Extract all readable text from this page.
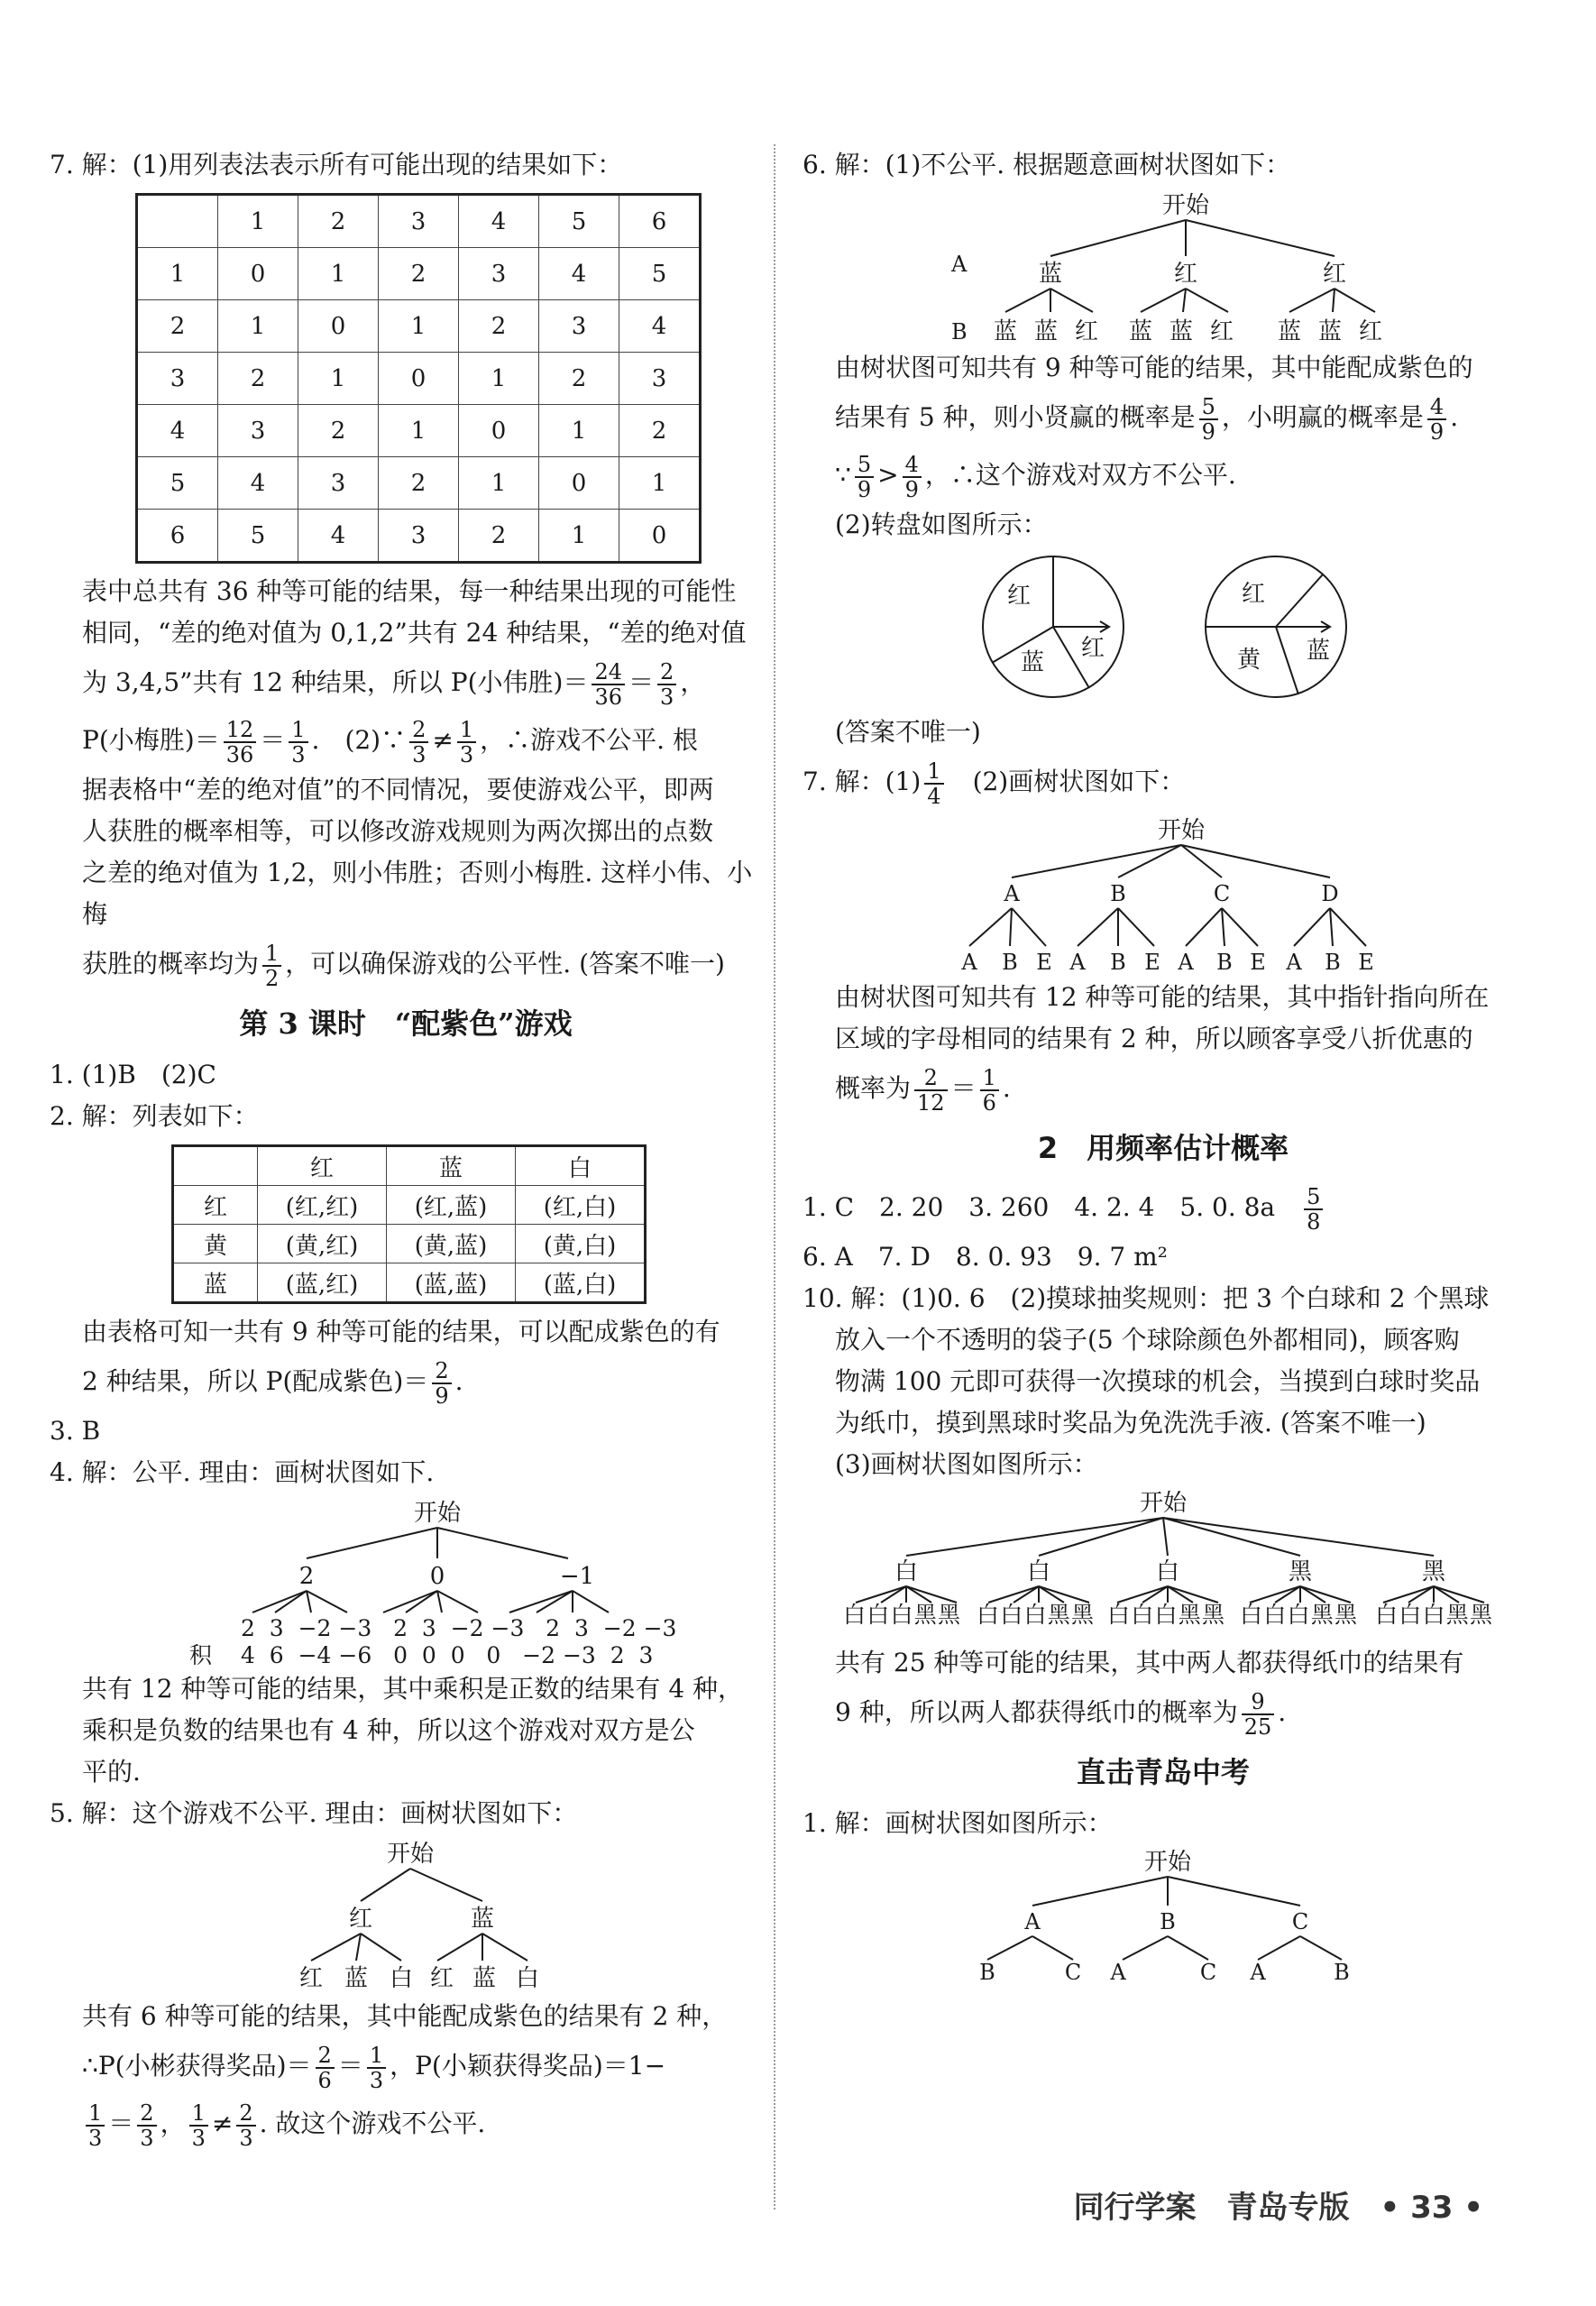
7. 解：(1)用列表法表示所有可能出现的结果如下：

	1	2	3	4	5	6
1	0	1	2	3	4	5
2	1	0	1	2	3	4
3	2	1	0	1	2	3
4	3	2	1	0	1	2
5	4	3	2	1	0	1
6	5	4	3	2	1	0

表中总共有 36 种等可能的结果，每一种结果出现的可能性

相同，“差的绝对值为 0,1,2”共有 24 种结果，“差的绝对值

为 3,4,5”共有 12 种结果，所以 P(小伟胜)＝ $\frac{24}{36} = \frac{2}{3}$ ，

P(小梅胜)＝ $\frac{12}{36} = \frac{1}{3}$ .　(2)∵ $\frac{2}{3} \ne \frac{1}{3}$ ，∴游戏不公平. 根

据表格中“差的绝对值”的不同情况，要使游戏公平，即两

人获胜的概率相等，可以修改游戏规则为两次掷出的点数

之差的绝对值为 1,2，则小伟胜；否则小梅胜. 这样小伟、小梅

获胜的概率均为 $\frac{1}{2}$ ，可以确保游戏的公平性. (答案不唯一)

第 3 课时　“配紫色”游戏

1. (1)B　(2)C

2. 解：列表如下：

	红	蓝	白
红	(红,红)	(红,蓝)	(红,白)
黄	(黄,红)	(黄,蓝)	(黄,白)
蓝	(蓝,红)	(蓝,蓝)	(蓝,白)

由表格可知一共有 9 种等可能的结果，可以配成紫色的有

2 种结果，所以 P(配成紫色)＝ $\frac{2}{9}$ .

3. B

4. 解：公平. 理由：画树状图如下.

开始
2	0	−1
2  3  −2 −3   2  3  −2 −3   2  3  −2 −3
积 4  6  −4 −6   0  0  0   0   −2 −3  2  3

共有 12 种等可能的结果，其中乘积是正数的结果有 4 种，

乘积是负数的结果也有 4 种，所以这个游戏对双方是公

平的.

5. 解：这个游戏不公平. 理由：画树状图如下：

开始
红	蓝
红 蓝 白 红 蓝 白

共有 6 种等可能的结果，其中能配成紫色的结果有 2 种，

∴P(小彬获得奖品)＝ $\frac{2}{6} = \frac{1}{3}$ ，P(小颖获得奖品)＝1−

$\frac{1}{3} = \frac{2}{3}$ ， $\frac{1}{3} \ne \frac{2}{3}$ . 故这个游戏不公平.

6. 解：(1)不公平. 根据题意画树状图如下：

开始
A	蓝	红	红
B 蓝 蓝 红 蓝 蓝 红 蓝 蓝 红

由树状图可知共有 9 种等可能的结果，其中能配成紫色的

结果有 5 种，则小贤赢的概率是 $\frac{5}{9}$ ，小明赢的概率是 $\frac{4}{9}$ .

∵ $\frac{5}{9} > \frac{4}{9}$ ，∴这个游戏对双方不公平.

(2)转盘如图所示：

红
蓝
红
红
黄 蓝

(答案不唯一)

7. 解：$(1) \frac{1}{4}$ 　(2)画树状图如下：

开始
A	B	C	D
A B E A B E A B E A B E

由树状图可知共有 12 种等可能的结果，其中指针指向所在

区域的字母相同的结果有 2 种，所以顾客享受八折优惠的

概率为 $\frac{2}{12} = \frac{1}{6}$ .

2　用频率估计概率

1. C　2. 20　3. 260　4. 2. 4　5. 0. 8a　 $\frac{5}{8}$

6. A　7. D　8. 0. 93　9. 7 m²

10. 解：(1)0. 6　(2)摸球抽奖规则：把 3 个白球和 2 个黑球

放入一个不透明的袋子(5 个球除颜色外都相同)，顾客购

物满 100 元即可获得一次摸球的机会，当摸到白球时奖品

为纸巾，摸到黑球时奖品为免洗洗手液. (答案不唯一)

(3)画树状图如图所示：

开始
白	白	白	黑	黑
白白白黑黑 白白白黑黑 白白白黑黑 白白白黑黑 白白白黑黑

共有 25 种等可能的结果，其中两人都获得纸巾的结果有

9 种，所以两人都获得纸巾的概率为 $\frac{9}{25}$ .

直击青岛中考

1. 解：画树状图如图所示：

开始
A	B	C
B	C A	C A	B
同行学案　青岛专版　• 33 •
